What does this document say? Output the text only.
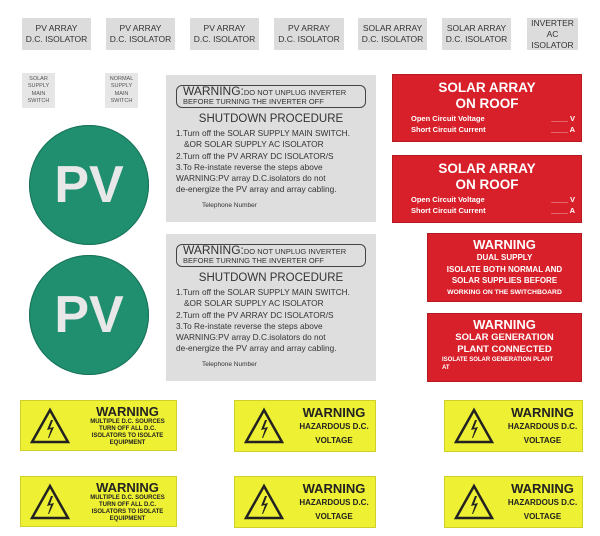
PV ARRAY
D.C. ISOLATOR
PV ARRAY
D.C. ISOLATOR
PV ARRAY
D.C. ISOLATOR
PV ARRAY
D.C. ISOLATOR
SOLAR ARRAY
D.C. ISOLATOR
SOLAR ARRAY
D.C. ISOLATOR
INVERTER
AC
ISOLATOR
SOLAR
SUPPLY
MAIN
SWITCH
NORMAL
SUPPLY
MAIN
SWITCH
PV
PV
WARNING:DO NOT UNPLUG INVERTER
BEFORE TURNING THE INVERTER OFF
SHUTDOWN PROCEDURE
1.Turn off the SOLAR SUPPLY MAIN SWITCH.
&OR SOLAR SUPPLY AC ISOLATOR
2.Turn off the PV ARRAY DC ISOLATOR/S
3.To Re-instate reverse the steps above
WARNING:PV array D.C.isolators do not
de-energize the PV array and array cabling.
Telephone Number
WARNING:DO NOT UNPLUG INVERTER
BEFORE TURNING THE INVERTER OFF
SHUTDOWN PROCEDURE
1.Turn off the SOLAR SUPPLY MAIN SWITCH.
&OR SOLAR SUPPLY AC ISOLATOR
2.Turn off the PV ARRAY DC ISOLATOR/S
3.To Re-instate reverse the steps above
WARNING:PV array D.C.isolators do not
de-energize the PV array and array cabling.
Telephone Number
SOLAR ARRAY
ON ROOF
Open Circuit Voltage	____ V
Short Circuit Current	____ A
SOLAR ARRAY
ON ROOF
Open Circuit Voltage	____ V
Short Circuit Current	____ A
WARNING
DUAL SUPPLY
ISOLATE BOTH NORMAL AND
SOLAR SUPPLIES BEFORE
WORKING ON THE SWITCHBOARD
WARNING
SOLAR GENERATION
PLANT CONNECTED
ISOLATE SOLAR GENERATION PLANT
AT
WARNING
MULTIPLE D.C. SOURCES
TURN OFF ALL D.C.
ISOLATORS TO ISOLATE
EQUIPMENT
WARNING
HAZARDOUS D.C.
VOLTAGE
WARNING
HAZARDOUS D.C.
VOLTAGE
WARNING
MULTIPLE D.C. SOURCES
TURN OFF ALL D.C.
ISOLATORS TO ISOLATE
EQUIPMENT
WARNING
HAZARDOUS D.C.
VOLTAGE
WARNING
HAZARDOUS D.C.
VOLTAGE
